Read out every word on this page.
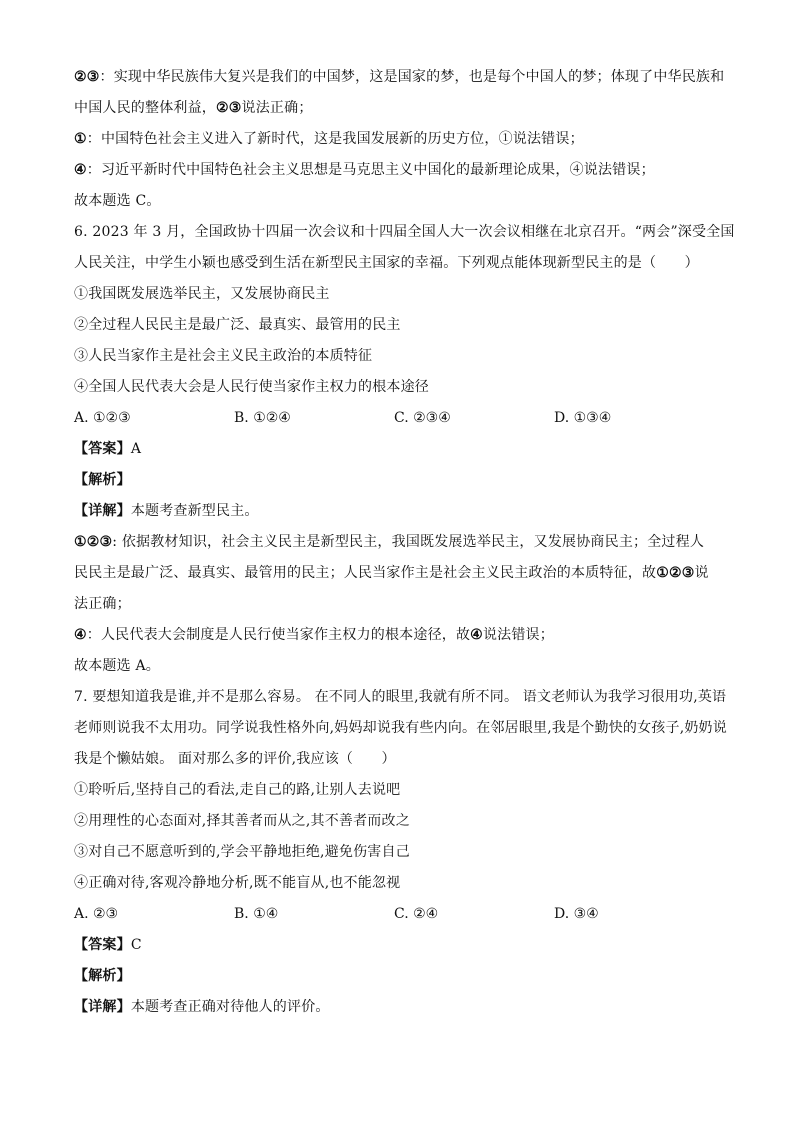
②③：实现中华民族伟大复兴是我们的中国梦，这是国家的梦，也是每个中国人的梦；体现了中华民族和
中国人民的整体利益，②③说法正确；
①：中国特色社会主义进入了新时代，这是我国发展新的历史方位，①说法错误；
④：习近平新时代中国特色社会主义思想是马克思主义中国化的最新理论成果，④说法错误；
故本题选 C。
6. 2023 年 3 月，全国政协十四届一次会议和十四届全国人大一次会议相继在北京召开。“两会”深受全国
人民关注，中学生小颖也感受到生活在新型民主国家的幸福。下列观点能体现新型民主的是（　　）
①我国既发展选举民主，又发展协商民主
②全过程人民民主是最广泛、最真实、最管用的民主
③人民当家作主是社会主义民主政治的本质特征
④全国人民代表大会是人民行使当家作主权力的根本途径
A. ①②③	B. ①②④	C. ②③④	D. ①③④
【答案】A
【解析】
【详解】本题考查新型民主。
①②③: 依据教材知识，社会主义民主是新型民主，我国既发展选举民主，又发展协商民主；全过程人
民民主是最广泛、最真实、最管用的民主；人民当家作主是社会主义民主政治的本质特征，故①②③说
法正确；
④：人民代表大会制度是人民行使当家作主权力的根本途径，故④说法错误；
故本题选 A。
7. 要想知道我是谁,并不是那么容易。 在不同人的眼里,我就有所不同。 语文老师认为我学习很用功,英语
老师则说我不太用功。同学说我性格外向,妈妈却说我有些内向。在邻居眼里,我是个勤快的女孩子,奶奶说
我是个懒姑娘。 面对那么多的评价,我应该（　　）
①聆听后,坚持自己的看法,走自己的路,让别人去说吧
②用理性的心态面对,择其善者而从之,其不善者而改之
③对自己不愿意听到的,学会平静地拒绝,避免伤害自己
④正确对待,客观冷静地分析,既不能盲从,也不能忽视
A. ②③	B. ①④	C. ②④	D. ③④
【答案】C
【解析】
【详解】本题考查正确对待他人的评价。
